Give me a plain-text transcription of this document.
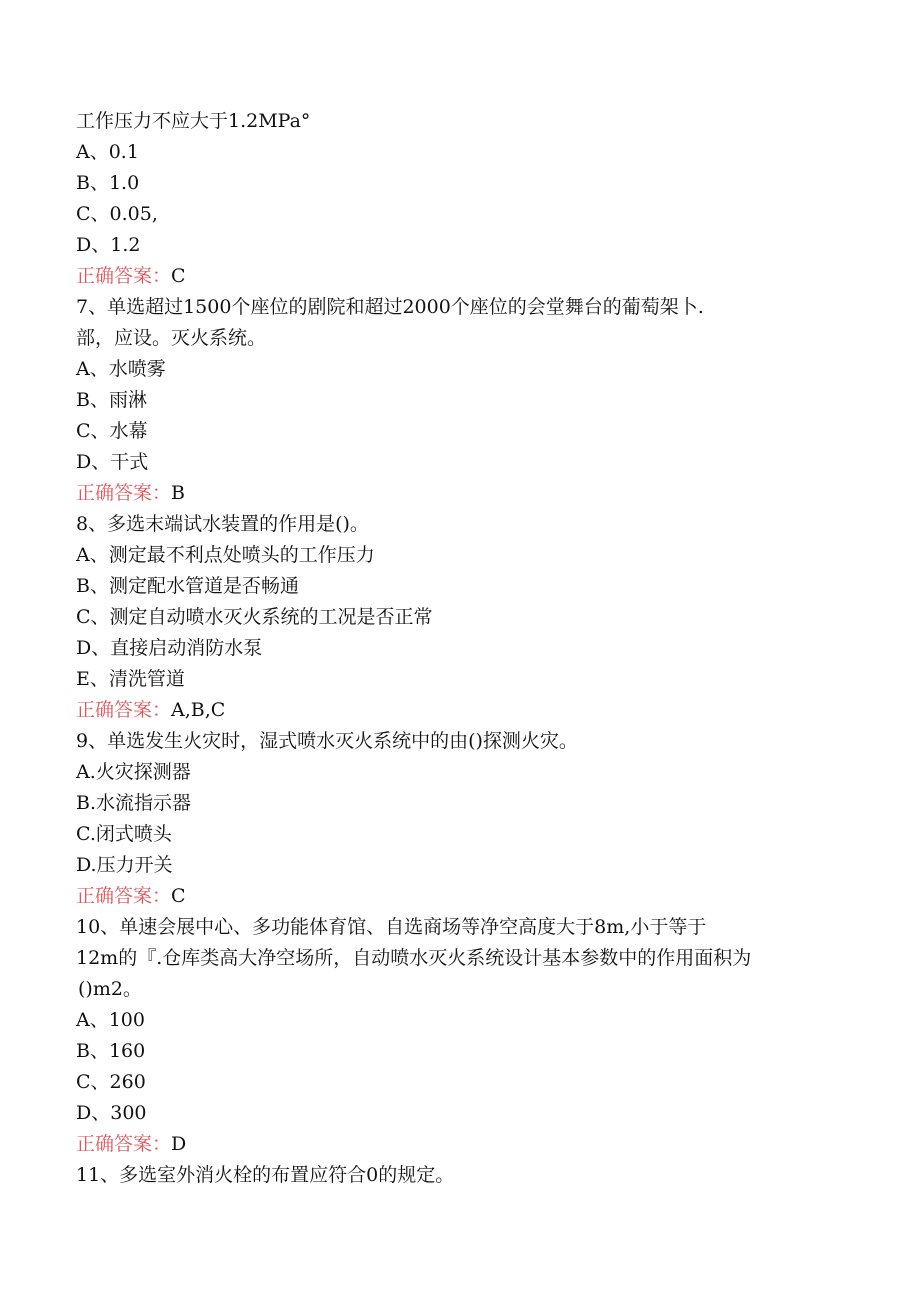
工作压力不应大于1.2MPa°
A、0.1
B、1.0
C、0.05,
D、1.2
正确答案：C
7、单选超过1500个座位的剧院和超过2000个座位的会堂舞台的葡萄架卜.
部，应设。灭火系统。
A、水喷雾
B、雨淋
C、水幕
D、干式
正确答案：B
8、多选末端试水装置的作用是()。
A、测定最不利点处喷头的工作压力
B、测定配水管道是否畅通
C、测定自动喷水灭火系统的工况是否正常
D、直接启动消防水泵
E、清洗管道
正确答案：A,B,C
9、单选发生火灾时，湿式喷水灭火系统中的由()探测火灾。
A.火灾探测器
B.水流指示器
C.闭式喷头
D.压力开关
正确答案：C
10、单速会展中心、多功能体育馆、自选商场等净空高度大于8m,小于等于
12m的『.仓库类高大净空场所，自动喷水灭火系统设计基本参数中的作用面积为
()m2。
A、100
B、160
C、260
D、300
正确答案：D
11、多选室外消火栓的布置应符合0的规定。
